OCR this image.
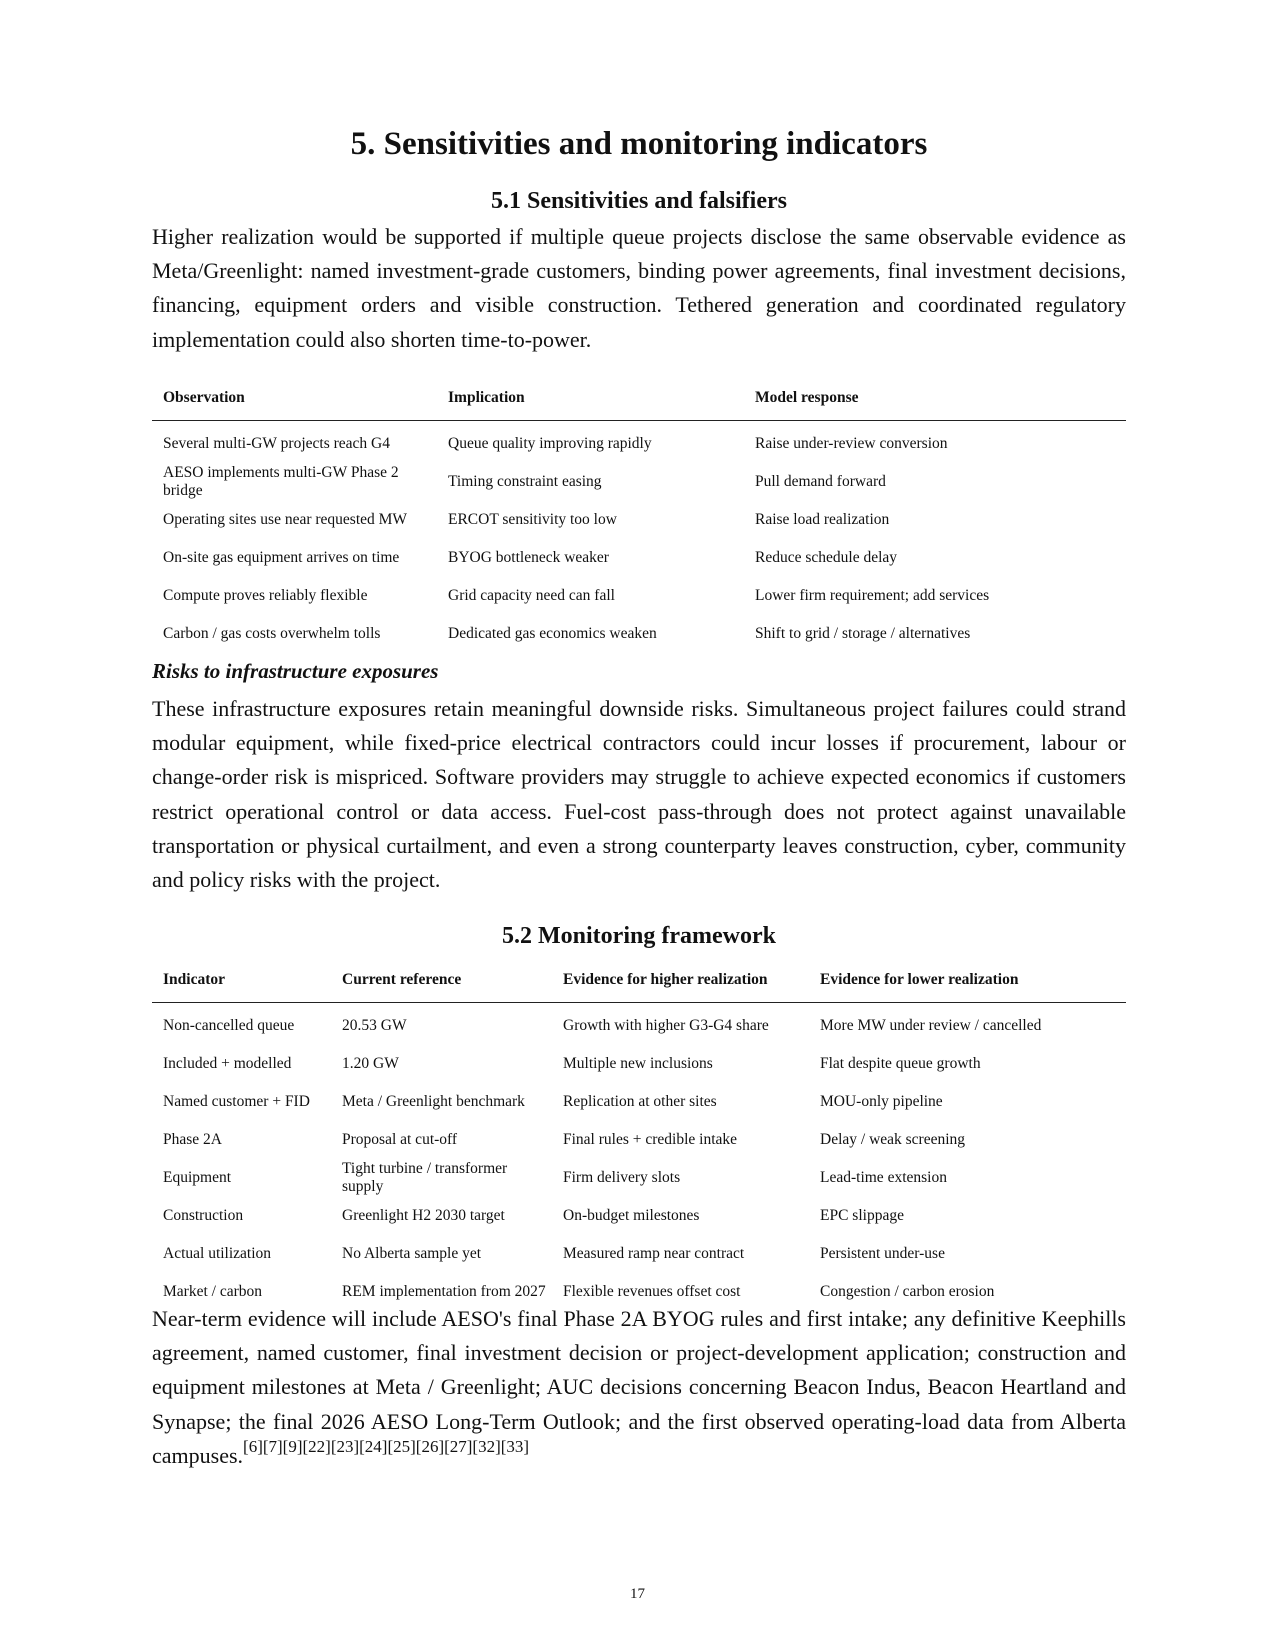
5. Sensitivities and monitoring indicators
5.1 Sensitivities and falsifiers

Higher realization would be supported if multiple queue projects disclose the same observable evidence as Meta/Greenlight: named investment-grade customers, binding power agreements, final investment decisions, financing, equipment orders and visible construction. Tethered generation and coordinated regulatory implementation could also shorten time-to-power.

Observation	Implication	Model response
Several multi-GW projects reach G4	Queue quality improving rapidly	Raise under-review conversion
AESO implements multi-GW Phase 2 bridge	Timing constraint easing	Pull demand forward
Operating sites use near requested MW	ERCOT sensitivity too low	Raise load realization
On-site gas equipment arrives on time	BYOG bottleneck weaker	Reduce schedule delay
Compute proves reliably flexible	Grid capacity need can fall	Lower firm requirement; add services
Carbon / gas costs overwhelm tolls	Dedicated gas economics weaken	Shift to grid / storage / alternatives
Risks to infrastructure exposures

These infrastructure exposures retain meaningful downside risks. Simultaneous project failures could strand modular equipment, while fixed-price electrical contractors could incur losses if procurement, labour or change-order risk is mispriced. Software providers may struggle to achieve expected economics if customers restrict operational control or data access. Fuel-cost pass-through does not protect against unavailable transportation or physical curtailment, and even a strong counterparty leaves construction, cyber, community and policy risks with the project.

5.2 Monitoring framework
Indicator	Current reference	Evidence for higher realization	Evidence for lower realization
Non-cancelled queue	20.53 GW	Growth with higher G3-G4 share	More MW under review / cancelled
Included + modelled	1.20 GW	Multiple new inclusions	Flat despite queue growth
Named customer + FID	Meta / Greenlight benchmark	Replication at other sites	MOU-only pipeline
Phase 2A	Proposal at cut-off	Final rules + credible intake	Delay / weak screening
Equipment	Tight turbine / transformer supply	Firm delivery slots	Lead-time extension
Construction	Greenlight H2 2030 target	On-budget milestones	EPC slippage
Actual utilization	No Alberta sample yet	Measured ramp near contract	Persistent under-use
Market / carbon	REM implementation from 2027	Flexible revenues offset cost	Congestion / carbon erosion

Near-term evidence will include AESO's final Phase 2A BYOG rules and first intake; any definitive Keephills agreement, named customer, final investment decision or project-development application; construction and equipment milestones at Meta / Greenlight; AUC decisions concerning Beacon Indus, Beacon Heartland and Synapse; the final 2026 AESO Long-Term Outlook; and the first observed operating-load data from Alberta campuses.[6][7][9][22][23][24][25][26][27][32][33]

17
